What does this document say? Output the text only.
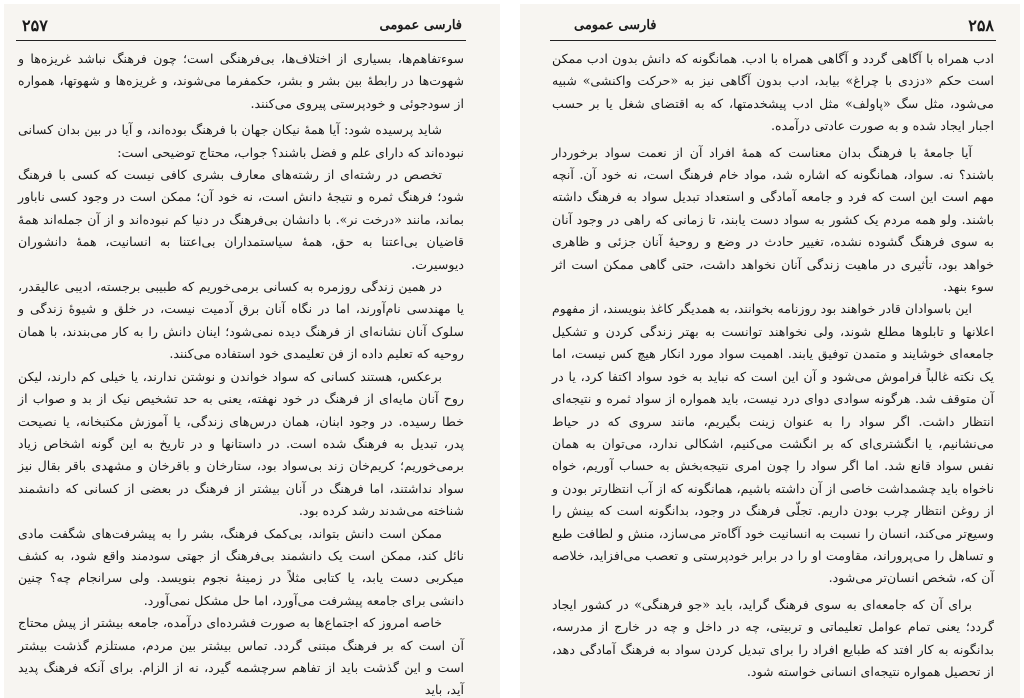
فارسی عمومی
۲۵۷

سوءتفاهم‌ها، بسیاری از اختلاف‌ها، بی‌فرهنگی است؛ چون فرهنگ نباشد غریزه‌ها و شهوت‌ها در رابطهٔ بین بشر و بشر، حکمفرما می‌شوند، و غریزه‌ها و شهوتها، همواره از سودجوئی و خودپرستی پیروی می‌کنند.

شاید پرسیده شود: آیا همهٔ نیکان جهان با فرهنگ بوده‌اند، و آیا در بین بدان کسانی نبوده‌اند که دارای علم و فضل باشند؟ جواب، محتاج توضیحی است:

تخصص در رشته‌ای از رشته‌های معارف بشری کافی نیست که کسی با فرهنگ شود؛ فرهنگ ثمره و نتیجهٔ دانش است، نه خود آن؛ ممکن است در وجود کسی ناباور بماند، مانند «درخت نر». با دانشان بی‌فرهنگ در دنیا کم نبوده‌اند و از آن جمله‌اند همهٔ قاضیان بی‌اعتنا به حق، همهٔ سیاستمداران بی‌اعتنا به انسانیت، همهٔ دانشوران دیوسیرت.

در همین زندگی روزمره به کسانی برمی‌خوریم که طبیبی برجسته، ادیبی عالیقدر، یا مهندسی نام‌آورند، اما در نگاه آنان برق آدمیت نیست، در خلق و شیوهٔ زندگی و سلوک آنان نشانه‌ای از فرهنگ دیده نمی‌شود؛ اینان دانش را به کار می‌بندند، با همان روحیه که تعلیم داده از فن تعلیمدی خود استفاده می‌کنند.

برعکس، هستند کسانی که سواد خواندن و نوشتن ندارند، یا خیلی کم دارند، لیکن روح آنان مایه‌ای از فرهنگ در خود نهفته، یعنی به حد تشخیص نیک از بد و صواب از خطا رسیده. در وجود ابنان، همان درس‌های زندگی، یا آموزش مکتبخانه، یا نصیحت پدر، تبدیل به فرهنگ شده است. در داستانها و در تاریخ به این گونه اشخاص زیاد برمی‌خوریم؛ کریم‌خان زند بی‌سواد بود، ستارخان و باقرخان و مشهدی باقر بقال نیز سواد نداشتند، اما فرهنگ در آنان بیشتر از فرهنگ در بعضی از کسانی که دانشمند شناخته می‌شدند رشد کرده بود.

ممکن است دانش بتواند، بی‌کمک فرهنگ، بشر را به پیشرفت‌های شگفت مادی نائل کند، ممکن است یک دانشمند بی‌فرهنگ از جهتی سودمند واقع شود، به کشف میکربی دست یابد، یا کتابی مثلاً در زمینهٔ نجوم بنویسد. ولی سرانجام چه؟ چنین دانشی برای جامعه پیشرفت می‌آورد، اما حل مشکل نمی‌آورد.

خاصه امروز که اجتماع‌ها به صورت فشرده‌ای درآمده، جامعه بیشتر از پیش محتاج آن است که بر فرهنگ مبتنی گردد. تماس بیشتر بین مردم، مستلزم گذشت بیشتر است و این گذشت باید از تفاهم سرچشمه گیرد، نه از الزام. برای آنکه فرهنگ پدید آید، باید

فارسی عمومی	۲۵۸

ادب همراه با آگاهی گردد و آگاهی همراه با ادب. همانگونه که دانش بدون ادب ممکن است حکم «دزدی با چراغ» بیابد، ادب بدون آگاهی نیز به «حرکت واکنشی» شبیه می‌شود، مثل سگ «پاولف» مثل ادب پیشخدمتها، که به اقتضای شغل یا بر حسب اجبار ایجاد شده و به صورت عادتی درآمده.

آیا جامعهٔ با فرهنگ بدان معناست که همهٔ افراد آن از نعمت سواد برخوردار باشند؟ نه. سواد، همانگونه که اشاره شد، مواد خام فرهنگ است، نه خود آن. آنچه مهم است این است که فرد و جامعه آمادگی و استعداد تبدیل سواد به فرهنگ داشته باشند. ولو همه مردم یک کشور به سواد دست یابند، تا زمانی که راهی در وجود آنان به سوی فرهنگ گشوده نشده، تغییر حادث در وضع و روحیهٔ آنان جزئی و ظاهری خواهد بود، تأثیری در ماهیت زندگی آنان نخواهد داشت، حتی گاهی ممکن است اثر سوء بنهد.

این باسوادان قادر خواهند بود روزنامه بخوانند، به همدیگر کاغذ بنویسند، از مفهوم اعلانها و تابلوها مطلع شوند، ولی نخواهند توانست به بهتر زندگی کردن و تشکیل جامعه‌ای خوشایند و متمدن توفیق یابند. اهمیت سواد مورد انکار هیچ کس نیست، اما یک نکته غالباً فراموش می‌شود و آن این است که نباید به خود سواد اکتفا کرد، یا در آن متوقف شد. هرگونه سوادی دوای درد نیست، باید همواره از سواد ثمره و نتیجه‌ای انتظار داشت. اگر سواد را به عنوان زینت بگیریم، مانند سروی که در حیاط می‌نشانیم، یا انگشتری‌ای که بر انگشت می‌کنیم، اشکالی ندارد، می‌توان به همان نفس سواد قانع شد. اما اگر سواد را چون امری نتیجه‌بخش به حساب آوریم، خواه ناخواه باید چشمداشت خاصی از آن داشته باشیم، همانگونه که از آب انتظارتر بودن و از روغن انتظار چرب بودن داریم. تجلّی فرهنگ در وجود، بدانگونه است که بینش را وسیع‌تر می‌کند، انسان را نسبت به انسانیت خود آگاه‌تر می‌سازد، منش و لطافت طبع و تساهل را می‌پروراند، مقاومت او را در برابر خودپرستی و تعصب می‌افزاید، خلاصه آن که، شخص انسان‌تر می‌شود.

برای آن که جامعه‌ای به سوی فرهنگ گراید، باید «جو فرهنگی» در کشور ایجاد گردد؛ یعنی تمام عوامل تعلیماتی و تربیتی، چه در داخل و چه در خارج از مدرسه، بدانگونه به کار افتد که طبایع افراد را برای تبدیل کردن سواد به فرهنگ آمادگی دهد، از تحصیل همواره نتیجه‌ای انسانی خواسته شود.
